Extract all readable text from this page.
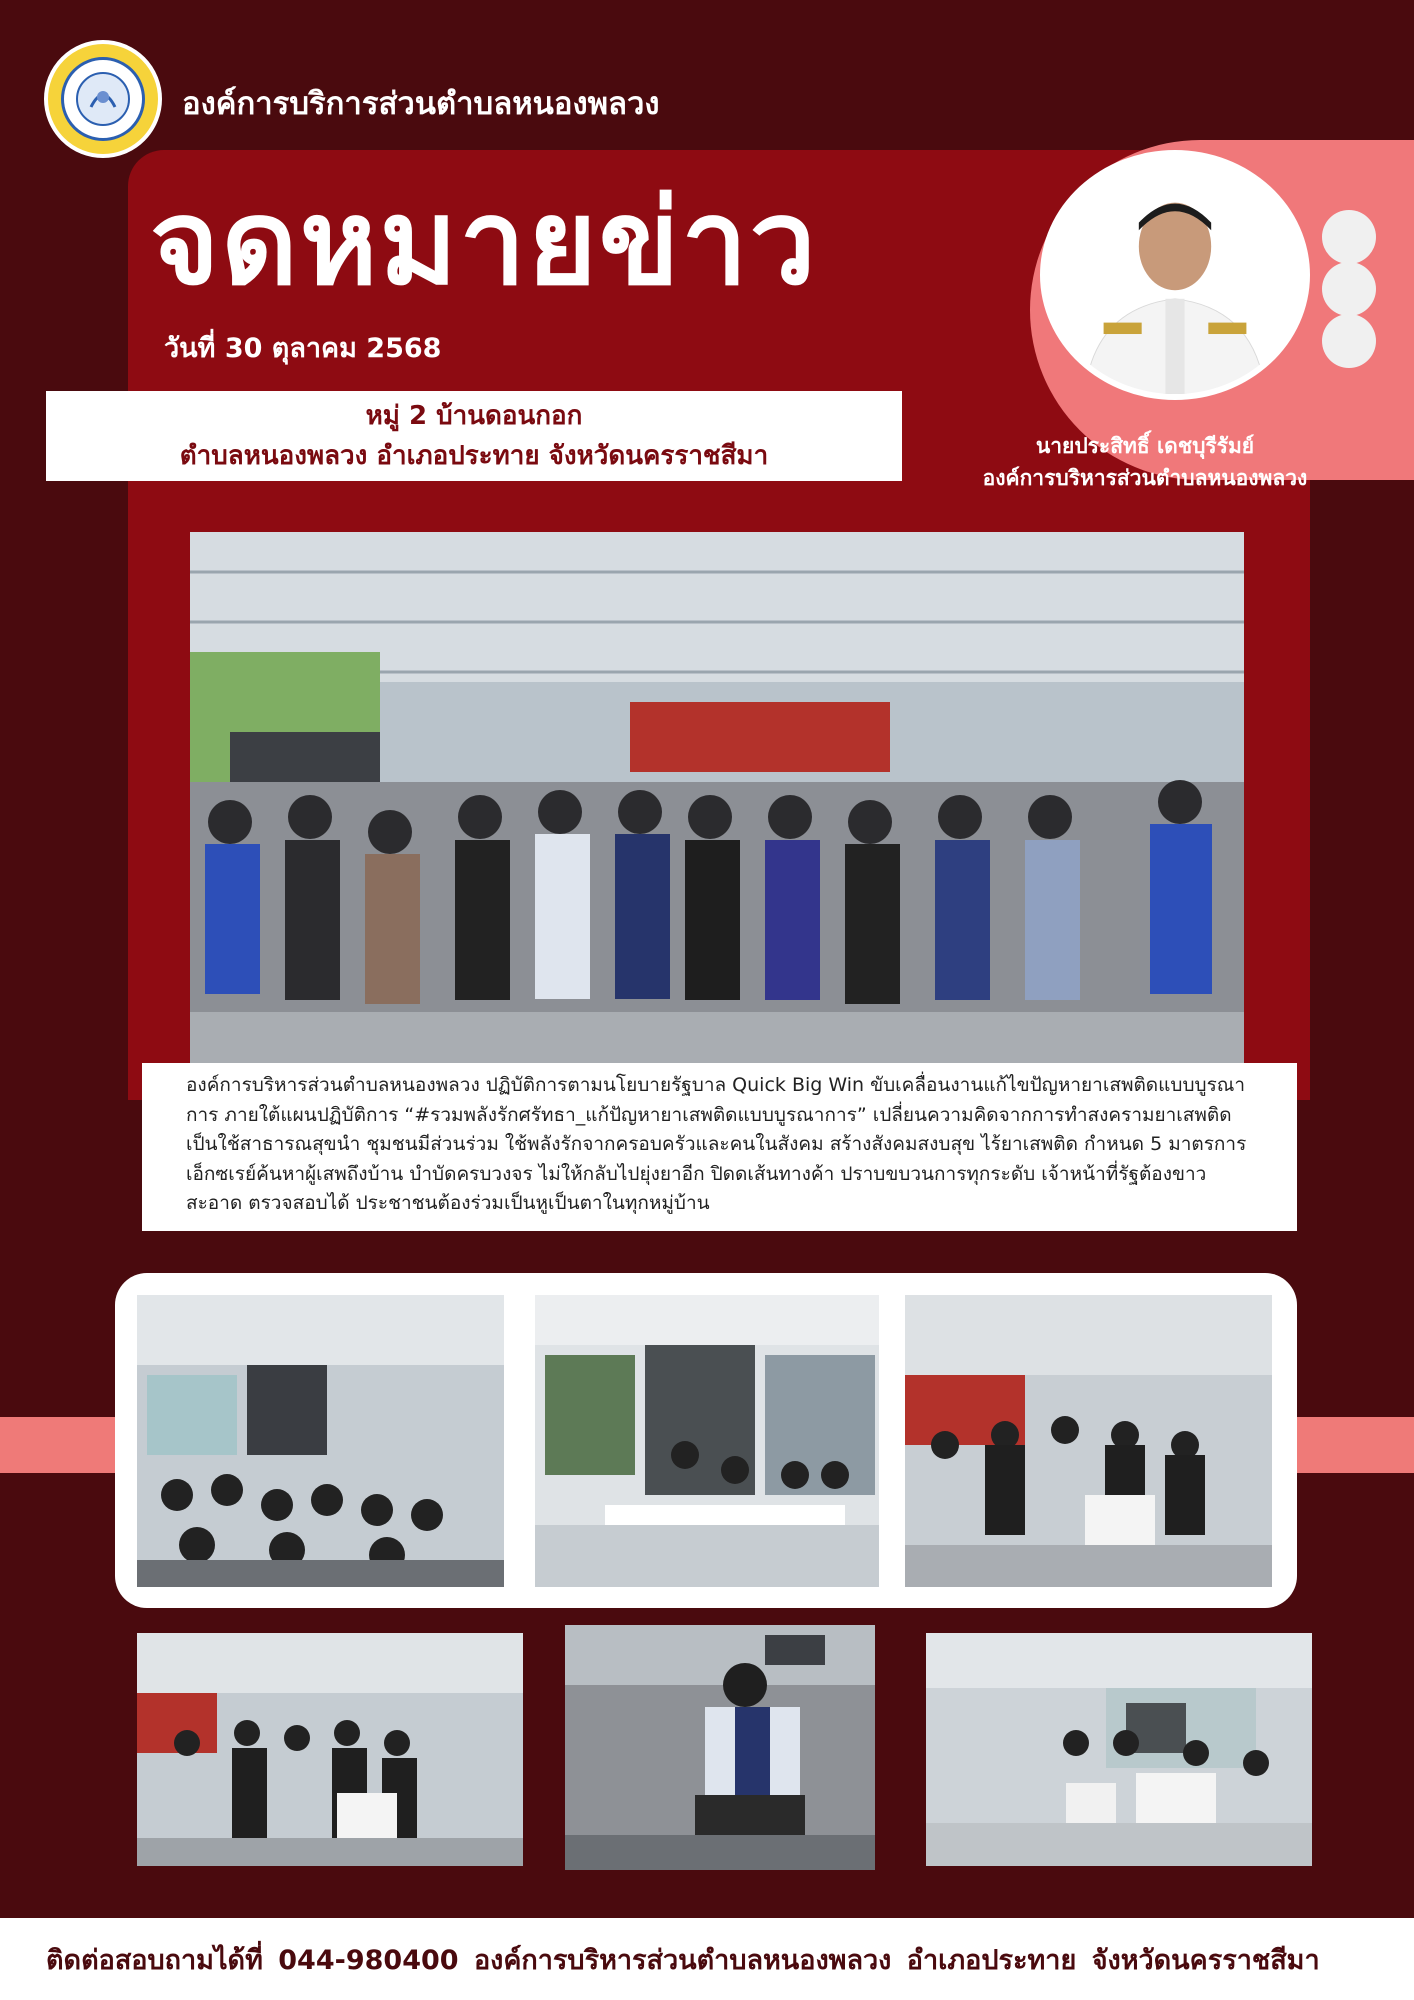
องค์การบริการส่วนตำบลหนองพลวง
จดหมายข่าว
วันที่ 30 ตุลาคม 2568
หมู่ 2 บ้านดอนกอก
ตำบลหนองพลวง อำเภอประทาย จังหวัดนครราชสีมา	นายประสิทธิ์ เดชบุรีรัมย์
องค์การบริหารส่วนตำบลหนองพลวง
องค์การบริหารส่วนตำบลหนองพลวง ปฏิบัติการตามนโยบายรัฐบาล Quick Big Win ขับเคลื่อนงานแก้ไขปัญหายาเสพติดแบบบูรณาการ ภายใต้แผนปฏิบัติการ “#รวมพลังรักศรัทธา_แก้ปัญหายาเสพติดแบบบูรณาการ” เปลี่ยนความคิดจากการทำสงครามยาเสพติด เป็นใช้สาธารณสุขนำ ชุมชนมีส่วนร่วม ใช้พลังรักจากครอบครัวและคนในสังคม สร้างสังคมสงบสุข ไร้ยาเสพติด กำหนด 5 มาตรการ เอ็กซเรย์ค้นหาผู้เสพถึงบ้าน บำบัดครบวงจร ไม่ให้กลับไปยุ่งยาอีก ปิดดเส้นทางค้า ปราบขบวนการทุกระดับ เจ้าหน้าที่รัฐต้องขาวสะอาด ตรวจสอบได้ ประชาชนต้องร่วมเป็นหูเป็นตาในทุกหมู่บ้าน
ติดต่อสอบถามได้ที่ 044-980400 องค์การบริหารส่วนตำบลหนองพลวง อำเภอประทาย จังหวัดนครราชสีมา
